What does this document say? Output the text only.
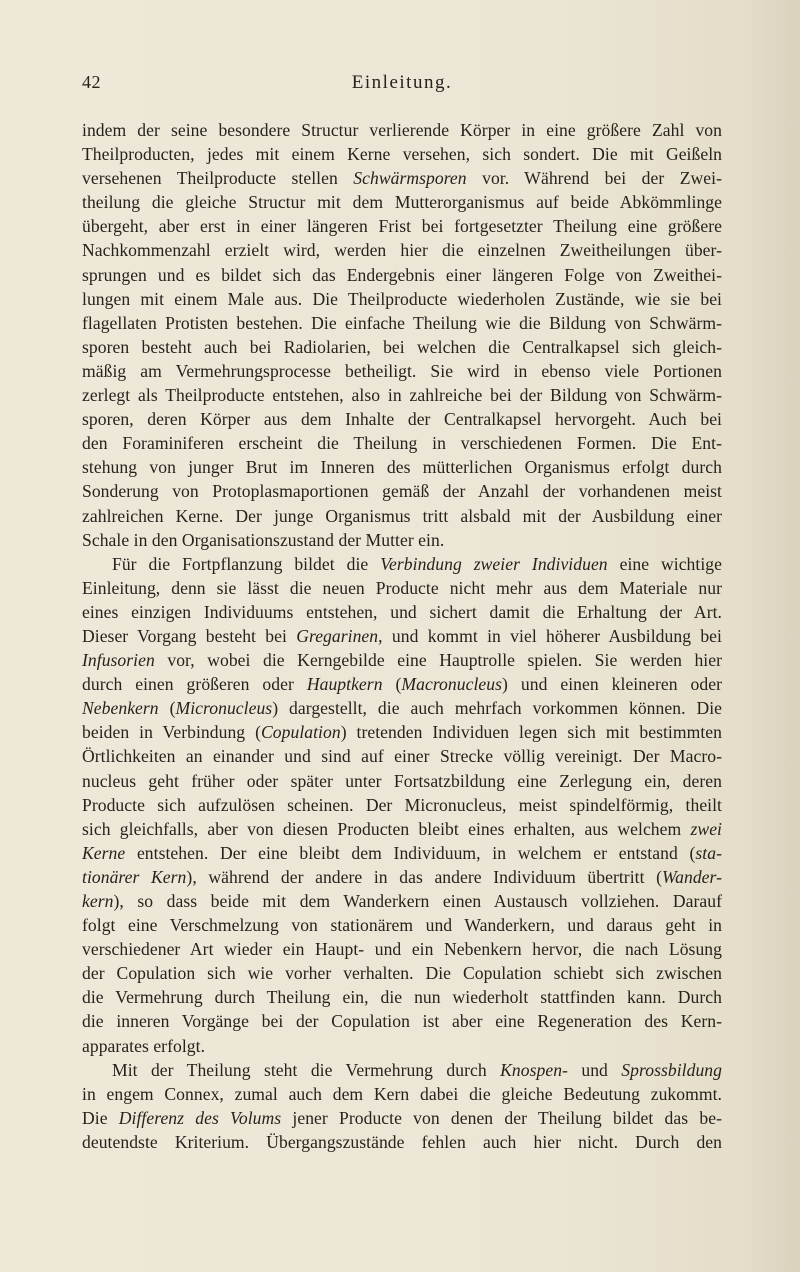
42	Einleitung.
indem der seine besondere Structur verlierende Körper in eine größere Zahl von
Theilproducten, jedes mit einem Kerne versehen, sich sondert. Die mit Geißeln
versehenen Theilproducte stellen Schwärmsporen vor. Während bei der Zwei-
theilung die gleiche Structur mit dem Mutterorganismus auf beide Abkömmlinge
übergeht, aber erst in einer längeren Frist bei fortgesetzter Theilung eine größere
Nachkommenzahl erzielt wird, werden hier die einzelnen Zweitheilungen über-
sprungen und es bildet sich das Endergebnis einer längeren Folge von Zweithei-
lungen mit einem Male aus. Die Theilproducte wiederholen Zustände, wie sie bei
flagellaten Protisten bestehen. Die einfache Theilung wie die Bildung von Schwärm-
sporen besteht auch bei Radiolarien, bei welchen die Centralkapsel sich gleich-
mäßig am Vermehrungsprocesse betheiligt. Sie wird in ebenso viele Portionen
zerlegt als Theilproducte entstehen, also in zahlreiche bei der Bildung von Schwärm-
sporen, deren Körper aus dem Inhalte der Centralkapsel hervorgeht. Auch bei
den Foraminiferen erscheint die Theilung in verschiedenen Formen. Die Ent-
stehung von junger Brut im Inneren des mütterlichen Organismus erfolgt durch
Sonderung von Protoplasmaportionen gemäß der Anzahl der vorhandenen meist
zahlreichen Kerne. Der junge Organismus tritt alsbald mit der Ausbildung einer
Schale in den Organisationszustand der Mutter ein.
Für die Fortpflanzung bildet die Verbindung zweier Individuen eine wichtige
Einleitung, denn sie lässt die neuen Producte nicht mehr aus dem Materiale nur
eines einzigen Individuums entstehen, und sichert damit die Erhaltung der Art.
Dieser Vorgang besteht bei Gregarinen, und kommt in viel höherer Ausbildung bei
Infusorien vor, wobei die Kerngebilde eine Hauptrolle spielen. Sie werden hier
durch einen größeren oder Hauptkern (Macronucleus) und einen kleineren oder
Nebenkern (Micronucleus) dargestellt, die auch mehrfach vorkommen können. Die
beiden in Verbindung (Copulation) tretenden Individuen legen sich mit bestimmten
Örtlichkeiten an einander und sind auf einer Strecke völlig vereinigt. Der Macro-
nucleus geht früher oder später unter Fortsatzbildung eine Zerlegung ein, deren
Producte sich aufzulösen scheinen. Der Micronucleus, meist spindelförmig, theilt
sich gleichfalls, aber von diesen Producten bleibt eines erhalten, aus welchem zwei
Kerne entstehen. Der eine bleibt dem Individuum, in welchem er entstand (sta-
tionärer Kern), während der andere in das andere Individuum übertritt (Wander-
kern), so dass beide mit dem Wanderkern einen Austausch vollziehen. Darauf
folgt eine Verschmelzung von stationärem und Wanderkern, und daraus geht in
verschiedener Art wieder ein Haupt- und ein Nebenkern hervor, die nach Lösung
der Copulation sich wie vorher verhalten. Die Copulation schiebt sich zwischen
die Vermehrung durch Theilung ein, die nun wiederholt stattfinden kann. Durch
die inneren Vorgänge bei der Copulation ist aber eine Regeneration des Kern-
apparates erfolgt.
Mit der Theilung steht die Vermehrung durch Knospen- und Sprossbildung
in engem Connex, zumal auch dem Kern dabei die gleiche Bedeutung zukommt.
Die Differenz des Volums jener Producte von denen der Theilung bildet das be-
deutendste Kriterium. Übergangszustände fehlen auch hier nicht. Durch den
